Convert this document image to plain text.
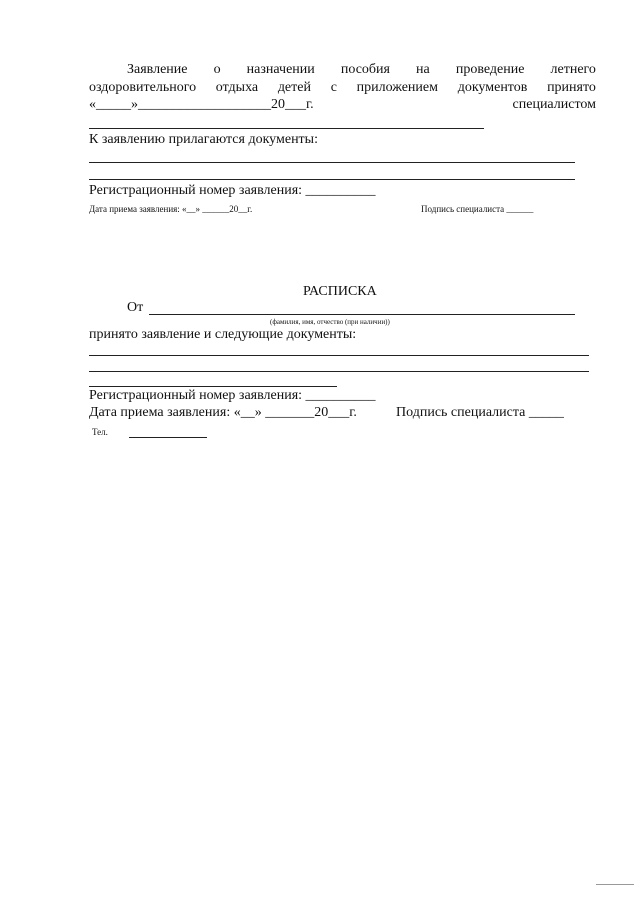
Заявление о назначении пособия на проведение летнего
оздоровительного отдыха детей с приложением документов принято
«_____»___________________20___г.	специалистом
К заявлению прилагаются документы:
Регистрационный номер заявления: __________
Дата приема заявления: «__» ______20__г.	Подпись специалиста ______
РАСПИСКА
От
(фамилия, имя, отчество (при наличии))
принято заявление и следующие документы:
Регистрационный номер заявления: __________
Дата приема заявления: «__» _______20___г.	Подпись специалиста _____
Тел.
